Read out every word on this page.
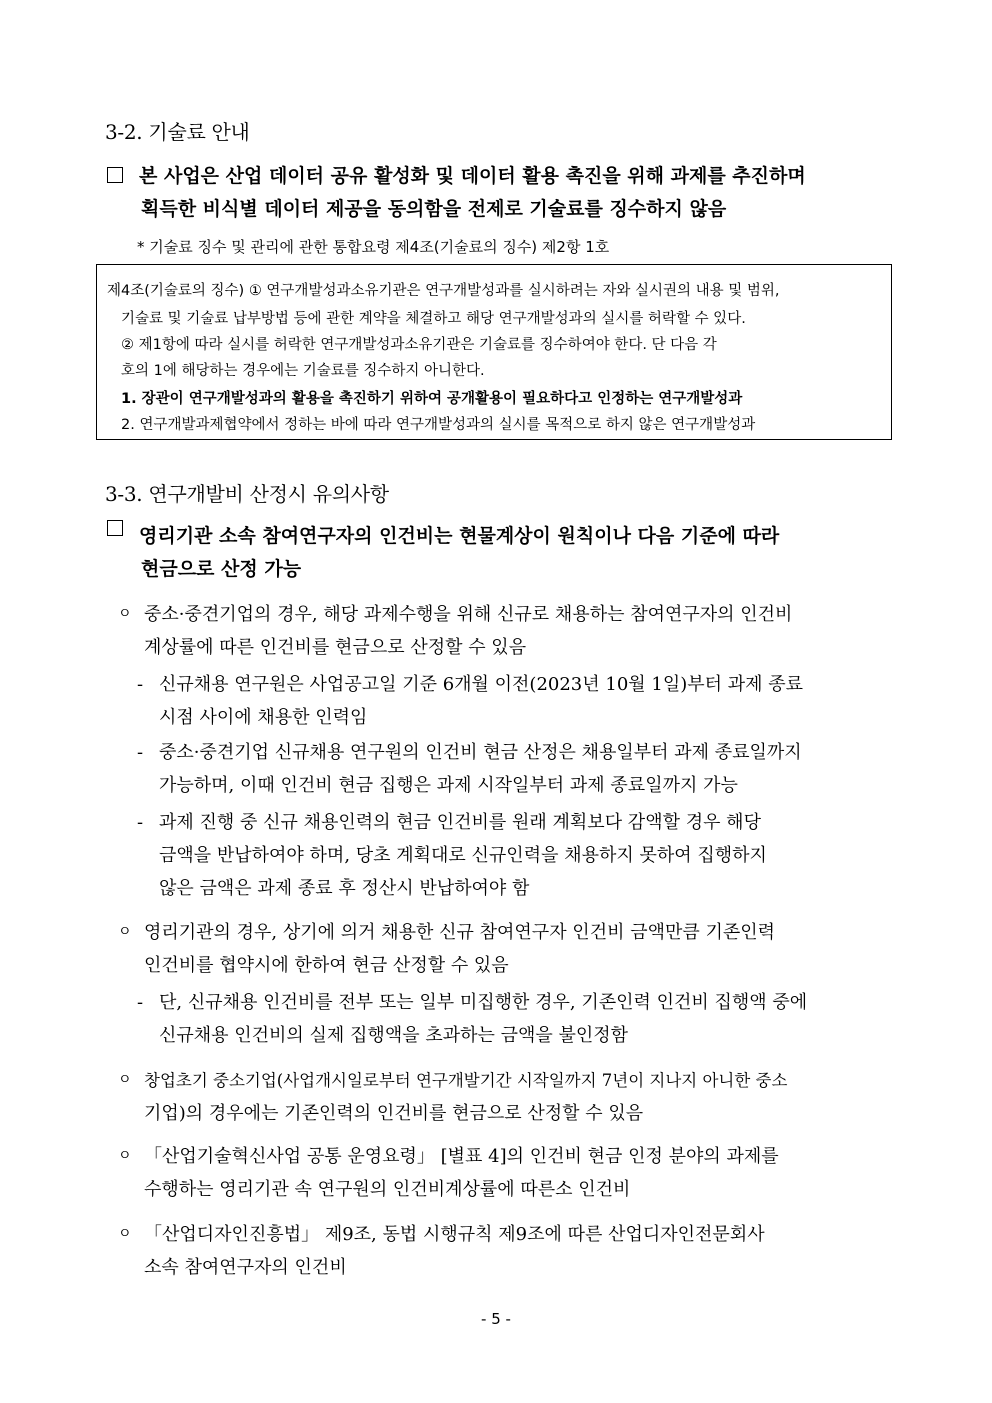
3-2. 기술료 안내
본 사업은 산업 데이터 공유 활성화 및 데이터 활용 촉진을 위해 과제를 추진하며
획득한 비식별 데이터 제공을 동의함을 전제로 기술료를 징수하지 않음
* 기술료 징수 및 관리에 관한 통합요령 제4조(기술료의 징수) 제2항 1호
제4조(기술료의 징수) ① 연구개발성과소유기관은 연구개발성과를 실시하려는 자와 실시권의 내용 및 범위,
기술료 및 기술료 납부방법 등에 관한 계약을 체결하고 해당 연구개발성과의 실시를 허락할 수 있다.
② 제1항에 따라 실시를 허락한 연구개발성과소유기관은 기술료를 징수하여야 한다. 단 다음 각
호의 1에 해당하는 경우에는 기술료를 징수하지 아니한다.
1. 장관이 연구개발성과의 활용을 촉진하기 위하여 공개활용이 필요하다고 인정하는 연구개발성과
2. 연구개발과제협약에서 정하는 바에 따라 연구개발성과의 실시를 목적으로 하지 않은 연구개발성과
3-3. 연구개발비 산정시 유의사항
영리기관 소속 참여연구자의 인건비는 현물계상이 원칙이나 다음 기준에 따라
현금으로 산정 가능
ㅇ 중소·중견기업의 경우, 해당 과제수행을 위해 신규로 채용하는 참여연구자의 인건비
계상률에 따른 인건비를 현금으로 산정할 수 있음
- 신규채용 연구원은 사업공고일 기준 6개월 이전(2023년 10월 1일)부터 과제 종료
시점 사이에 채용한 인력임
- 중소·중견기업 신규채용 연구원의 인건비 현금 산정은 채용일부터 과제 종료일까지
가능하며, 이때 인건비 현금 집행은 과제 시작일부터 과제 종료일까지 가능
- 과제 진행 중 신규 채용인력의 현금 인건비를 원래 계획보다 감액할 경우 해당
금액을 반납하여야 하며, 당초 계획대로 신규인력을 채용하지 못하여 집행하지
않은 금액은 과제 종료 후 정산시 반납하여야 함
ㅇ 영리기관의 경우, 상기에 의거 채용한 신규 참여연구자 인건비 금액만큼 기존인력
인건비를 협약시에 한하여 현금 산정할 수 있음
- 단, 신규채용 인건비를 전부 또는 일부 미집행한 경우, 기존인력 인건비 집행액 중에
신규채용 인건비의 실제 집행액을 초과하는 금액을 불인정함
ㅇ 창업초기 중소기업(사업개시일로부터 연구개발기간 시작일까지 7년이 지나지 아니한 중소
기업)의 경우에는 기존인력의 인건비를 현금으로 산정할 수 있음
ㅇ 「산업기술혁신사업 공통 운영요령」 [별표 4]의 인건비 현금 인정 분야의 과제를
수행하는 영리기관 속 연구원의 인건비계상률에 따른소 인건비
ㅇ 「산업디자인진흥법」 제9조, 동법 시행규칙 제9조에 따른 산업디자인전문회사
소속 참여연구자의 인건비
- 5 -
